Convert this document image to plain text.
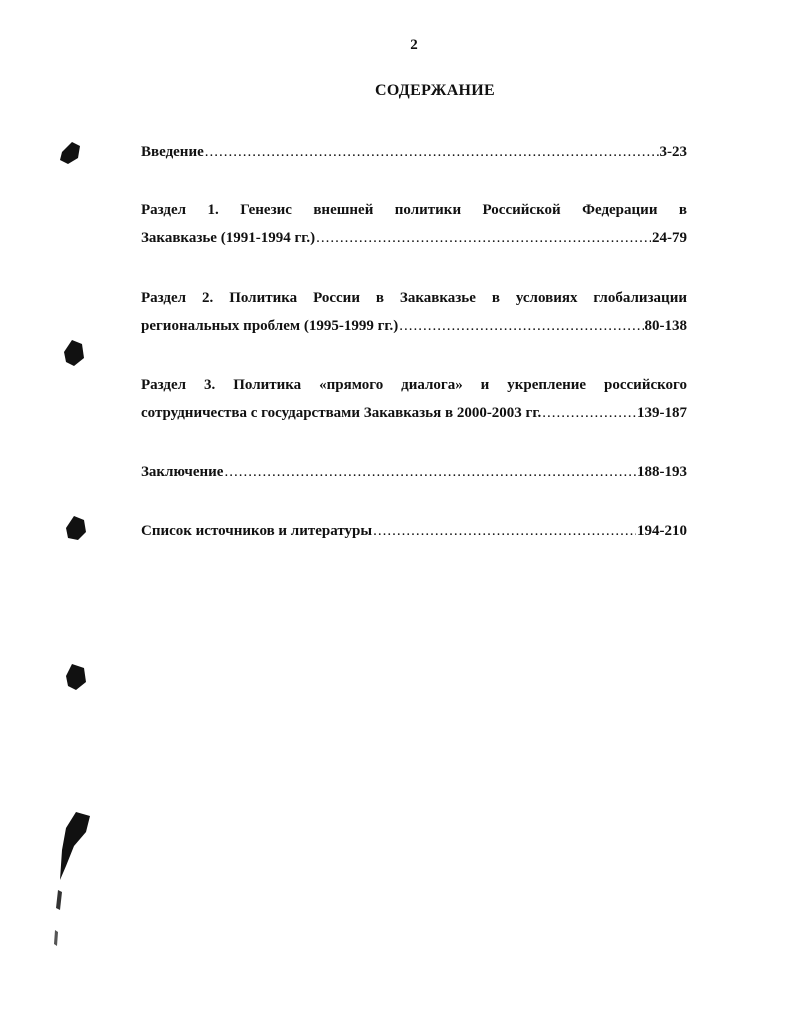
2
СОДЕРЖАНИЕ
Введение .....	3-23
Раздел 1. Генезис внешней политики Российской Федерации в
Закавказье (1991-1994 гг.) .....	24-79
Раздел 2. Политика России в Закавказье в условиях глобализации
региональных проблем (1995-1999 гг.) .....	80-138
Раздел 3. Политика «прямого диалога» и укрепление российского
сотрудничества с государствами Закавказья в 2000-2003 гг. .....	139-187
Заключение .....	188-193
Список источников и литературы .....	194-210
